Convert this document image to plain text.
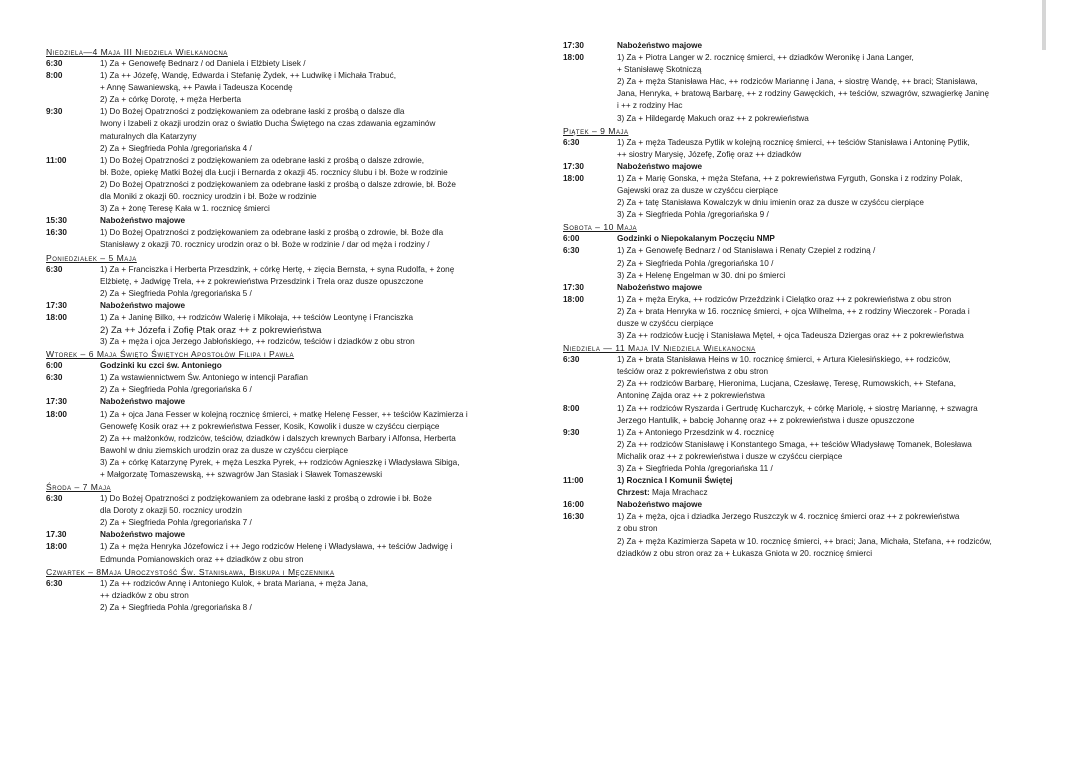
Niedziela—4 Maja III Niedziela Wielkanocna
6:30	1) Za + Genowefę Bednarz / od Daniela i Elżbiety Lisek /
8:00	1) Za ++ Józefę, Wandę, Edwarda i Stefanię Żydek, ++ Ludwikę i Michała Trabuć,
+ Annę Sawaniewską, ++ Pawła i Tadeusza Kocendę
2) Za + córkę Dorotę, + męża Herberta
9:30	1) Do Bożej Opatrzności z podziękowaniem za odebrane łaski z prośbą o dalsze dla
Iwony i Izabeli z okazji urodzin oraz o światło Ducha Świętego na czas zdawania egzaminów
maturalnych dla Katarzyny
2) Za + Siegfrieda Pohla /gregoriańska 4 /
11:00	1) Do Bożej Opatrzności z podziękowaniem za odebrane łaski z prośbą o dalsze zdrowie,
bł. Boże, opiekę Matki Bożej dla Łucji i Bernarda z okazji 45. rocznicy ślubu i bł. Boże w rodzinie
2) Do Bożej Opatrzności z podziękowaniem za odebrane łaski z prośbą o dalsze zdrowie, bł. Boże
dla Moniki z okazji 60. rocznicy urodzin i bł. Boże w rodzinie
3) Za + żonę Teresę Kała w 1. rocznicę śmierci
15:30	Nabożeństwo majowe
16:30	1) Do Bożej Opatrzności z podziękowaniem za odebrane łaski z prośbą o zdrowie, bł. Boże dla
Stanisławy z okazji 70. rocznicy urodzin oraz o bł. Boże w rodzinie / dar od męża i rodziny /
Poniedziałek – 5 Maja
6:30	1) Za + Franciszka i Herberta Przesdzink, + córkę Hertę, + zięcia Bernsta, + syna Rudolfa, + żonę
Elżbietę, + Jadwigę Trela, ++ z pokrewieństwa Przesdzink i Trela oraz dusze opuszczone
2) Za + Siegfrieda Pohla /gregoriańska 5 /
17:30	Nabożeństwo majowe
18:00	1) Za + Janinę Bilko, ++ rodziców Walerię i Mikołaja, ++ teściów Leontynę i Franciszka
2) Za ++ Józefa i Zofię Ptak oraz ++ z pokrewieństwa
3) Za + męża i ojca Jerzego Jabłońskiego, ++ rodziców, teściów i dziadków z obu stron
Wtorek – 6 Maja Święto Świętych Apostołów Filipa i Pawła
6:00	Godzinki ku czci św. Antoniego
6:30	1) Za wstawiennictwem Św. Antoniego w intencji Parafian
2) Za + Siegfrieda Pohla /gregoriańska 6 /
17:30	Nabożeństwo majowe
18:00	1) Za + ojca Jana Fesser w kolejną rocznicę śmierci, + matkę Helenę Fesser, ++ teściów Kazimierza i
Genowefę Kosik oraz ++ z pokrewieństwa Fesser, Kosik, Kowolik i dusze w czyśćcu cierpiące
2) Za ++ małżonków, rodziców, teściów, dziadków i dalszych krewnych Barbary i Alfonsa, Herberta
Bawohl w dniu ziemskich urodzin oraz za dusze w czyśćcu cierpiące
3) Za + córkę Katarzynę Pyrek, + męża Leszka Pyrek, ++ rodziców Agnieszkę i Władysława Sibiga,
+ Małgorzatę Tomaszewską, ++ szwagrów Jan Stasiak i Sławek Tomaszewski
Środa – 7 Maja
6:30	1) Do Bożej Opatrzności z podziękowaniem za odebrane łaski z prośbą o zdrowie i bł. Boże
dla Doroty z okazji 50. rocznicy urodzin
2) Za + Siegfrieda Pohla /gregoriańska 7 /
17.30	Nabożeństwo majowe
18:00	1) Za + męża Henryka Józefowicz i ++ Jego rodziców Helenę i Władysława, ++ teściów Jadwigę i
Edmunda Pomianowskich oraz ++ dziadków z obu stron
Czwartek – 8Maja Uroczystość Św. Stanisława, Biskupa i Męczennika
6:30	1) Za ++ rodziców Annę i Antoniego Kulok, + brata Mariana, + męża Jana,
++ dziadków z obu stron
2) Za + Siegfrieda Pohla /gregoriańska 8 /
17:30	Nabożeństwo majowe
18:00	1) Za + Piotra Langer w 2. rocznicę śmierci, ++ dziadków Weronikę i Jana Langer,
+ Stanisławę Skotniczą
2) Za + męża Stanisława Hac, ++ rodziców Mariannę i Jana, + siostrę Wandę, ++ braci; Stanisława,
Jana, Henryka, + bratową Barbarę, ++ z rodziny Gawęckich, ++ teściów, szwagrów, szwagierkę Janinę
i ++ z rodziny Hac
3) Za + Hildegardę Makuch oraz ++ z pokrewieństwa
Piątek – 9 Maja
6:30	1) Za + męża Tadeusza Pytlik w kolejną rocznicę śmierci, ++ teściów Stanisława i Antoninę Pytlik,
++ siostry Marysię, Józefę, Zofię oraz ++ dziadków
17:30	Nabożeństwo majowe
18:00	1) Za + Marię Gonska, + męża Stefana, ++ z pokrewieństwa Fyrguth, Gonska i z rodziny Polak,
Gajewski oraz za dusze w czyśćcu cierpiące
2) Za + tatę Stanisława Kowalczyk w dniu imienin oraz za dusze w czyśćcu cierpiące
3) Za + Siegfrieda Pohla /gregoriańska 9 /
Sobota – 10 Maja
6:00	Godzinki o Niepokalanym Poczęciu NMP
6:30	1) Za + Genowefę Bednarz / od Stanisława i Renaty Czepiel z rodziną /
2) Za + Siegfrieda Pohla /gregoriańska 10 /
3) Za + Helenę Engelman w 30. dni po śmierci
17:30	Nabożeństwo majowe
18:00	1) Za + męża Eryka, ++ rodziców Przeździnk i Cielątko oraz ++ z pokrewieństwa z obu stron
2) Za + brata Henryka w 16. rocznicę śmierci, + ojca Wilhelma, ++ z rodziny Wieczorek - Porada i
dusze w czyśćcu cierpiące
3) Za ++ rodziców Łucję i Stanisława Mętel, + ojca Tadeusza Dziergas oraz ++ z pokrewieństwa
Niedziela — 11 Maja IV Niedziela Wielkanocna
6:30	1) Za + brata Stanisława Heins w 10. rocznicę śmierci, + Artura Kielesińskiego, ++ rodziców,
teściów oraz z pokrewieństwa z obu stron
2) Za ++ rodziców Barbarę, Hieronima, Lucjana, Czesławę, Teresę, Rumowskich, ++ Stefana,
Antoninę Zajda oraz ++ z pokrewieństwa
8:00	1) Za ++ rodziców Ryszarda i Gertrudę Kucharczyk, + córkę Mariolę, + siostrę Mariannę, + szwagra
Jerzego Hantulik, + babcię Johannę oraz ++ z pokrewieństwa i dusze opuszczone
9:30	1) Za + Antoniego Przesdzink w 4. rocznicę
2) Za ++ rodziców Stanisławę i Konstantego Smaga, ++ teściów Władysławę Tomanek, Bolesława
Michalik oraz ++ z pokrewieństwa i dusze w czyśćcu cierpiące
3) Za + Siegfrieda Pohla /gregoriańska 11 /
11:00	1) Rocznica I Komunii Świętej
Chrzest: Maja Mrachacz
16:00	Nabożeństwo majowe
16:30	1) Za + męża, ojca i dziadka Jerzego Ruszczyk w 4. rocznicę śmierci oraz ++ z pokrewieństwa
z obu stron
2) Za + męża Kazimierza Sapeta w 10. rocznicę śmierci, ++ braci; Jana, Michała, Stefana, ++ rodziców,
dziadków z obu stron oraz za + Łukasza Gniota w 20. rocznicę śmierci
